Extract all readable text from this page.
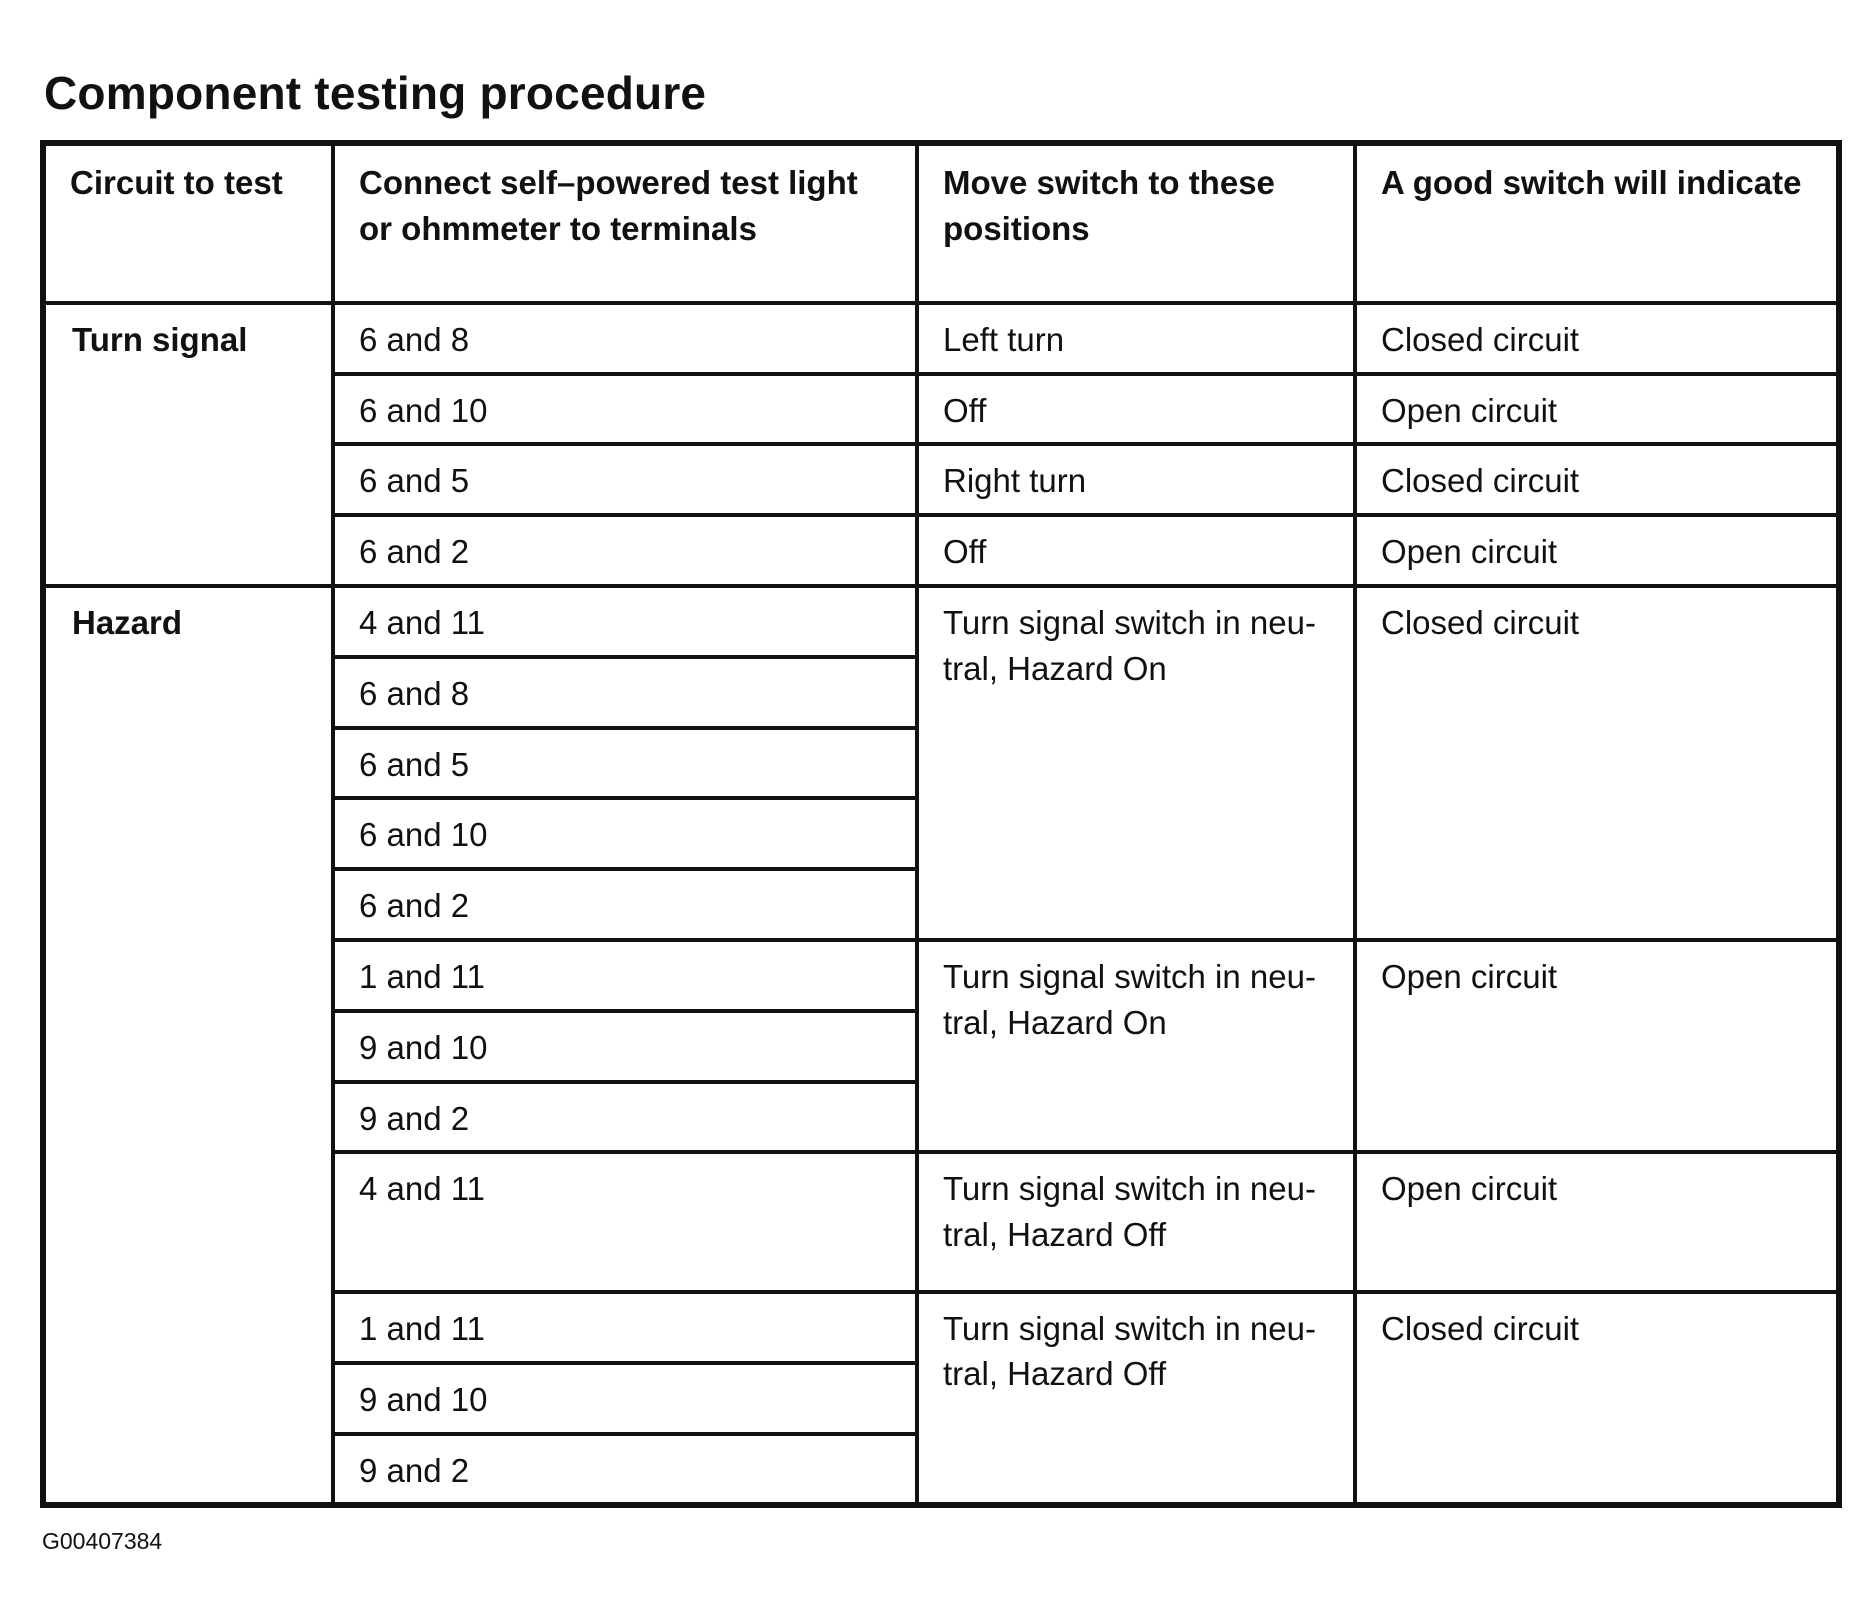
Component testing procedure
Circuit to test	Connect self–powered test light or ohmmeter to terminals	Move switch to these positions	A good switch will indicate
Turn signal	6 and 8	Left turn	Closed circuit
	6 and 10	Off	Open circuit
	6 and 5	Right turn	Closed circuit
	6 and 2	Off	Open circuit
Hazard	4 and 11	Turn signal switch in neu-tral, Hazard On	Closed circuit
	6 and 8		
	6 and 5		
	6 and 10		
	6 and 2		
	1 and 11	Turn signal switch in neu-tral, Hazard On	Open circuit
	9 and 10		
	9 and 2		
	4 and 11	Turn signal switch in neu-tral, Hazard Off	Open circuit
	1 and 11	Turn signal switch in neu-tral, Hazard Off	Closed circuit
	9 and 10		
	9 and 2		
G00407384
